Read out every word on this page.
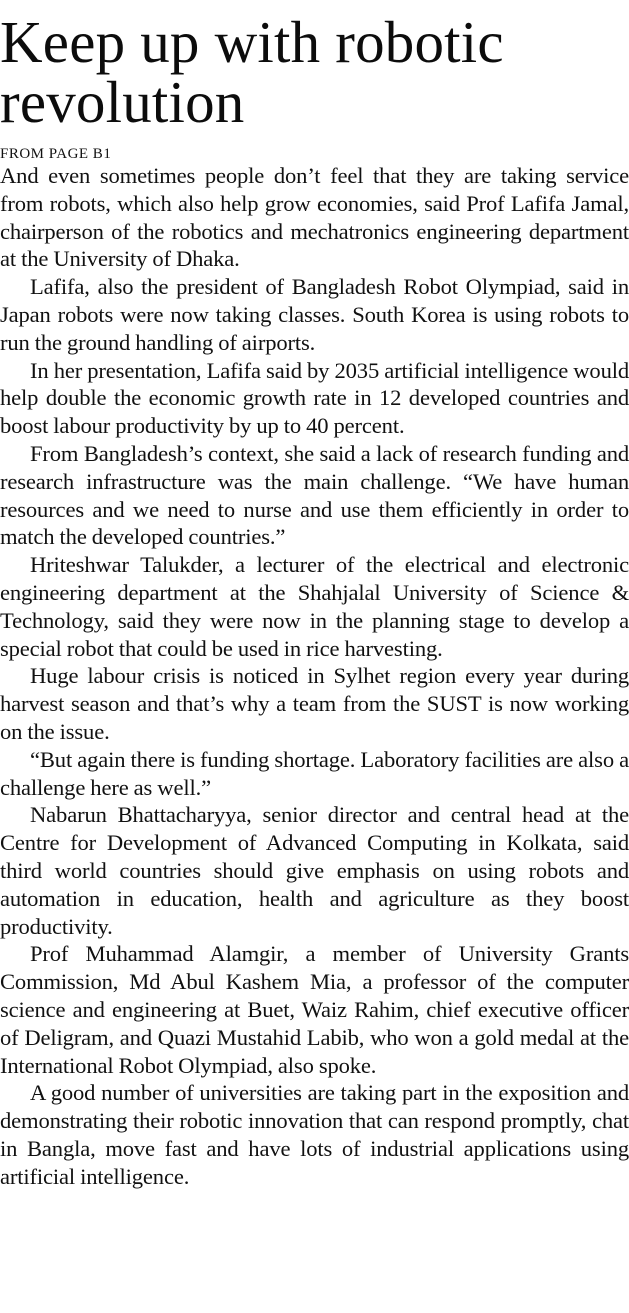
Keep up with robotic revolution
FROM PAGE B1

And even sometimes people don’t feel that they are taking service from robots, which also help grow economies, said Prof Lafifa Jamal, chairperson of the robotics and mechatronics engineering department at the University of Dhaka.

Lafifa, also the president of Bangladesh Robot Olympiad, said in Japan robots were now taking classes. South Korea is using robots to run the ground handling of airports.

In her presentation, Lafifa said by 2035 artificial intelligence would help double the economic growth rate in 12 developed countries and boost labour productivity by up to 40 percent.

From Bangladesh’s context, she said a lack of research funding and research infrastructure was the main challenge. “We have human resources and we need to nurse and use them efficiently in order to match the developed countries.”

Hriteshwar Talukder, a lecturer of the electrical and electronic engineering department at the Shahjalal University of Science & Technology, said they were now in the planning stage to develop a special robot that could be used in rice harvesting.

Huge labour crisis is noticed in Sylhet region every year during harvest season and that’s why a team from the SUST is now working on the issue.

“But again there is funding shortage. Laboratory facilities are also a challenge here as well.”

Nabarun Bhattacharyya, senior director and central head at the Centre for Development of Advanced Computing in Kolkata, said third world countries should give emphasis on using robots and automation in education, health and agriculture as they boost productivity.

Prof Muhammad Alamgir, a member of University Grants Commission, Md Abul Kashem Mia, a professor of the computer science and engineering at Buet, Waiz Rahim, chief executive officer of Deligram, and Quazi Mustahid Labib, who won a gold medal at the International Robot Olympiad, also spoke.

A good number of universities are taking part in the exposition and demonstrating their robotic innovation that can respond promptly, chat in Bangla, move fast and have lots of industrial applications using artificial intelligence.
